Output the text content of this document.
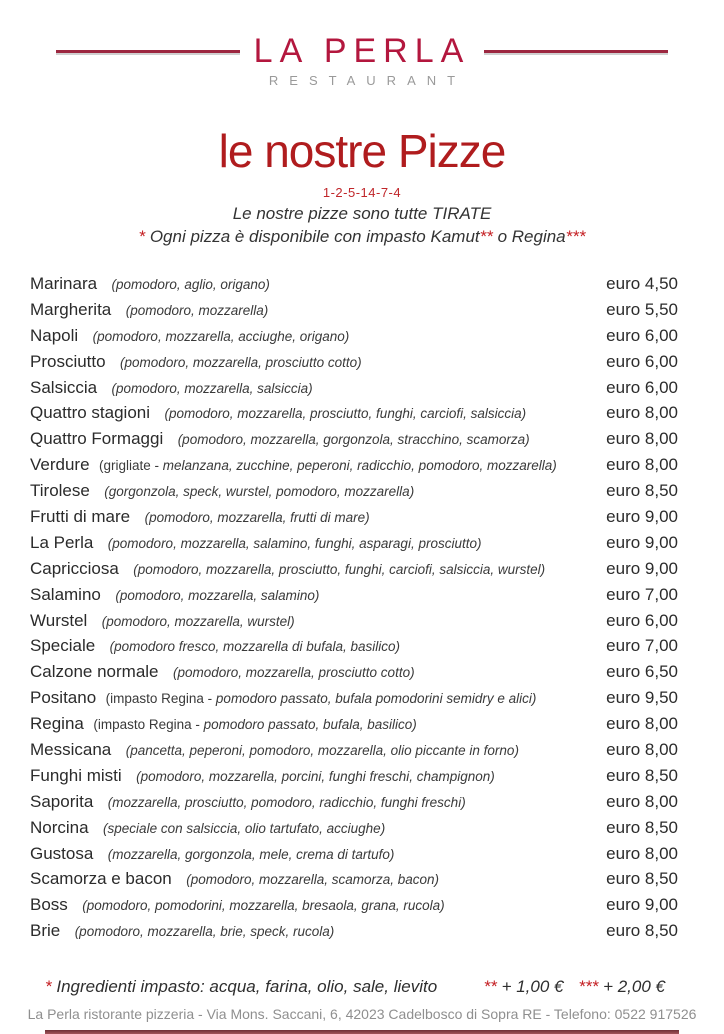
LA PERLA
RESTAURANT
le nostre Pizze
1-2-5-14-7-4
Le nostre pizze sono tutte TIRATE
* Ogni pizza è disponibile con impasto Kamut** o Regina***
Marinara (pomodoro, aglio, origano)	euro 4,50
Margherita (pomodoro, mozzarella)	euro 5,50
Napoli (pomodoro, mozzarella, acciughe, origano)	euro 6,00
Prosciutto (pomodoro, mozzarella, prosciutto cotto)	euro 6,00
Salsiccia (pomodoro, mozzarella, salsiccia)	euro 6,00
Quattro stagioni (pomodoro, mozzarella, prosciutto, funghi, carciofi, salsiccia)	euro 8,00
Quattro Formaggi (pomodoro, mozzarella, gorgonzola, stracchino, scamorza)	euro 8,00
Verdure (grigliate - melanzana, zucchine, peperoni, radicchio, pomodoro, mozzarella)	euro 8,00
Tirolese (gorgonzola, speck, wurstel, pomodoro, mozzarella)	euro 8,50
Frutti di mare (pomodoro, mozzarella, frutti di mare)	euro 9,00
La Perla (pomodoro, mozzarella, salamino, funghi, asparagi, prosciutto)	euro 9,00
Capricciosa (pomodoro, mozzarella, prosciutto, funghi, carciofi, salsiccia, wurstel)	euro 9,00
Salamino (pomodoro, mozzarella, salamino)	euro 7,00
Wurstel (pomodoro, mozzarella, wurstel)	euro 6,00
Speciale (pomodoro fresco, mozzarella di bufala, basilico)	euro 7,00
Calzone normale (pomodoro, mozzarella, prosciutto cotto)	euro 6,50
Positano (impasto Regina - pomodoro passato, bufala pomodorini semidry e alici)	euro 9,50
Regina (impasto Regina - pomodoro passato, bufala, basilico)	euro 8,00
Messicana (pancetta, peperoni, pomodoro, mozzarella, olio piccante in forno)	euro 8,00
Funghi misti (pomodoro, mozzarella, porcini, funghi freschi, champignon)	euro 8,50
Saporita (mozzarella, prosciutto, pomodoro, radicchio, funghi freschi)	euro 8,00
Norcina (speciale con salsiccia, olio tartufato, acciughe)	euro 8,50
Gustosa (mozzarella, gorgonzola, mele, crema di tartufo)	euro 8,00
Scamorza e bacon (pomodoro, mozzarella, scamorza, bacon)	euro 8,50
Boss (pomodoro, pomodorini, mozzarella, bresaola, grana, rucola)	euro 9,00
Brie (pomodoro, mozzarella, brie, speck, rucola)	euro 8,50
* Ingredienti impasto: acqua, farina, olio, sale, lievito	** + 1,00 € *** + 2,00 €
La Perla ristorante pizzeria - Via Mons. Saccani, 6, 42023 Cadelbosco di Sopra RE - Telefono: 0522 917526
